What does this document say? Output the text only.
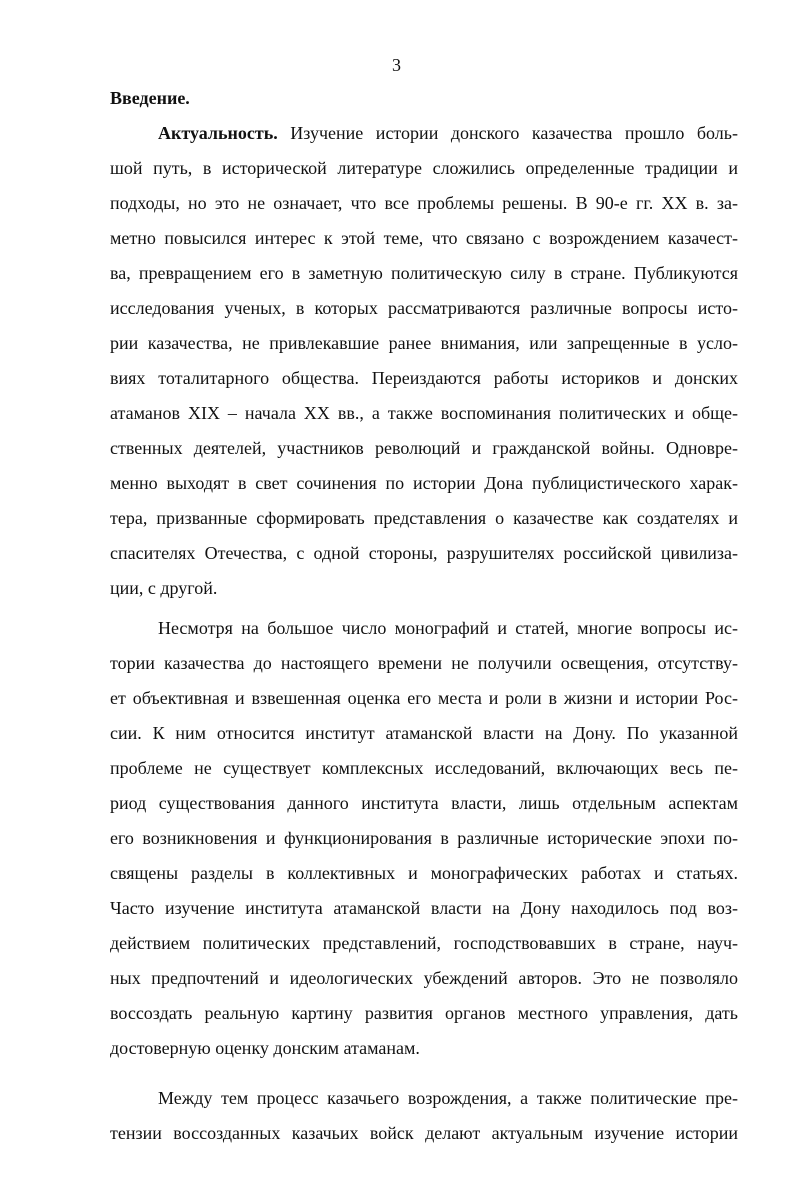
3
Введение.
Актуальность. Изучение истории донского казачества прошло боль-
шой путь, в исторической литературе сложились определенные традиции и
подходы, но это не означает, что все проблемы решены. В 90-е гг. XX в. за-
метно повысился интерес к этой теме, что связано с возрождением казачест-
ва, превращением его в заметную политическую силу в стране. Публикуются
исследования ученых, в которых рассматриваются различные вопросы исто-
рии казачества, не привлекавшие ранее внимания, или запрещенные в усло-
виях тоталитарного общества. Переиздаются работы историков и донских
атаманов XIX – начала XX вв., а также воспоминания политических и обще-
ственных деятелей, участников революций и гражданской войны. Одновре-
менно выходят в свет сочинения по истории Дона публицистического харак-
тера, призванные сформировать представления о казачестве как создателях и
спасителях Отечества, с одной стороны, разрушителях российской цивилиза-
ции, с другой.
Несмотря на большое число монографий и статей, многие вопросы ис-
тории казачества до настоящего времени не получили освещения, отсутству-
ет объективная и взвешенная оценка его места и роли в жизни и истории Рос-
сии. К ним относится институт атаманской власти на Дону. По указанной
проблеме не существует комплексных исследований, включающих весь пе-
риод существования данного института власти, лишь отдельным аспектам
его возникновения и функционирования в различные исторические эпохи по-
священы разделы в коллективных и монографических работах и статьях.
Часто изучение института атаманской власти на Дону находилось под воз-
действием политических представлений, господствовавших в стране, науч-
ных предпочтений и идеологических убеждений авторов. Это не позволяло
воссоздать реальную картину развития органов местного управления, дать
достоверную оценку донским атаманам.
Между тем процесс казачьего возрождения, а также политические пре-
тензии воссозданных казачьих войск делают актуальным изучение истории
